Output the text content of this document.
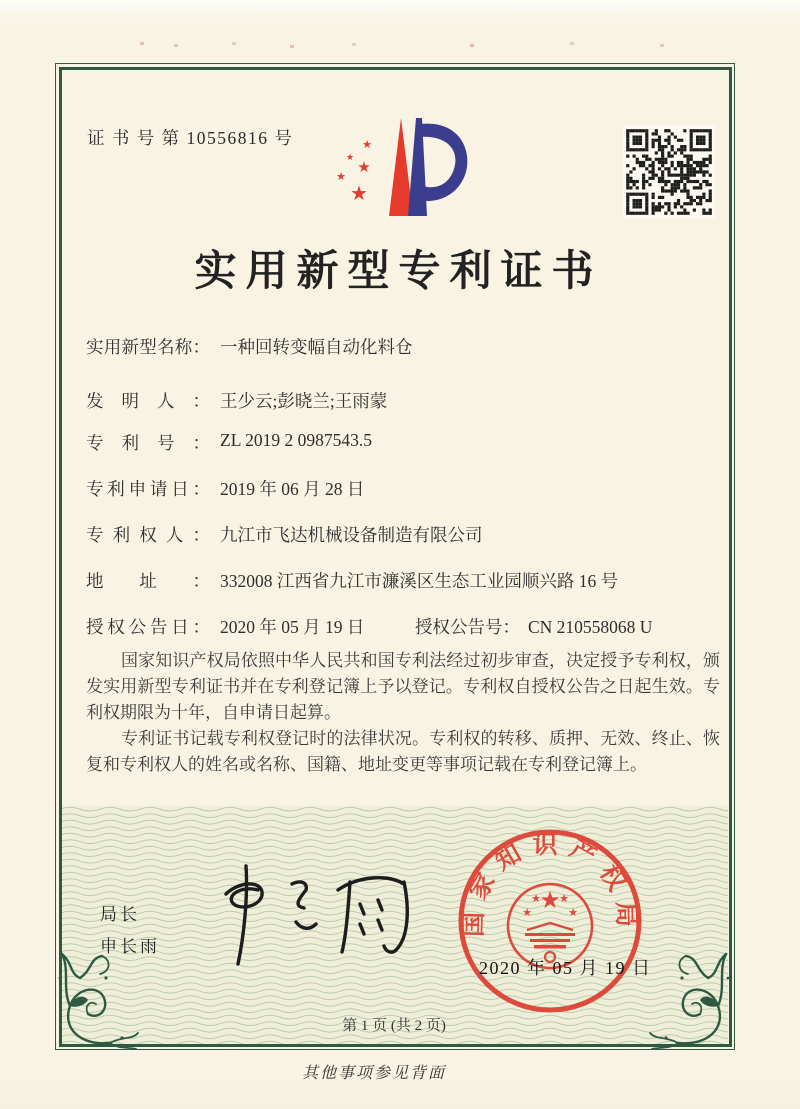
证 书 号 第 10556816 号	★
★
★
★
★
实用新型专利证书
实用新型名称： 一种回转变幅自动化料仓
发明人： 王少云;彭晓兰;王雨蒙
专利号： ZL 2019 2 0987543.5
专利申请日： 2019 年 06 月 28 日
专利权人： 九江市飞达机械设备制造有限公司
地址： 332008 江西省九江市濂溪区生态工业园顺兴路 16 号
授权公告日： 2020 年 05 月 19 日	授权公告号： CN 210558068 U

国家知识产权局依照中华人民共和国专利法经过初步审查，决定授予专利权，颁发实用新型专利证书并在专利登记簿上予以登记。专利权自授权公告之日起生效。专利权期限为十年，自申请日起算。

专利证书记载专利权登记时的法律状况。专利权的转移、质押、无效、终止、恢复和专利权人的姓名或名称、国籍、地址变更等事项记载在专利登记簿上。

局长
申长雨
国家知识产权局
★
★
★ ★
★
2020 年 05 月 19 日
第 1 页 (共 2 页)
其他事项参见背面
